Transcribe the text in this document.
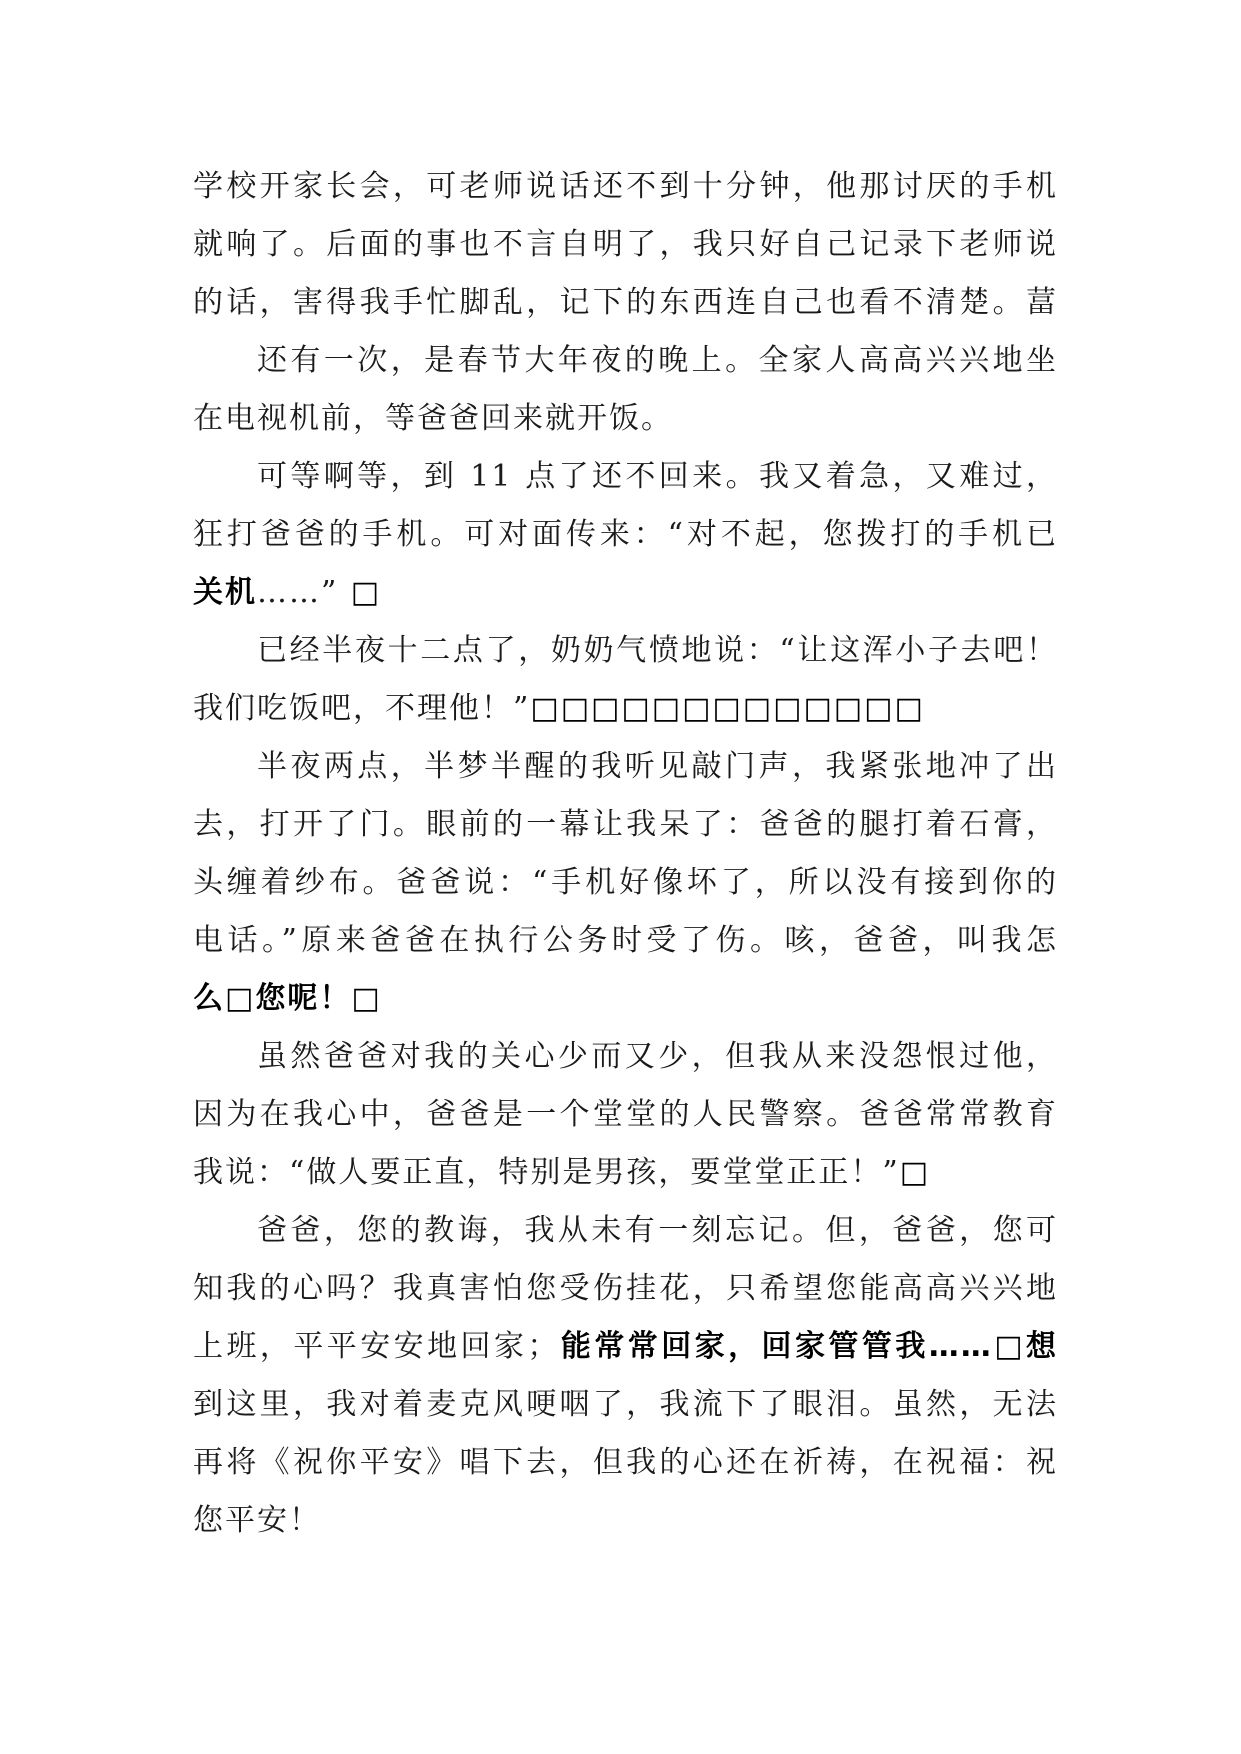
学校开家长会，可老师说话还不到十分钟，他那讨厌的手机
就响了。后面的事也不言自明了，我只好自己记录下老师说
的话，害得我手忙脚乱，记下的东西连自己也看不清楚。葍
还有一次，是春节大年夜的晚上。全家人高高兴兴地坐
在电视机前，等爸爸回来就开饭。
可等啊等，到 11 点了还不回来。我又着急，又难过，
狂打爸爸的手机。可对面传来：“对不起，您拨打的手机已
关机……” □
已经半夜十二点了，奶奶气愤地说：“让这浑小子去吧！
我们吃饭吧，不理他！”□□□□□□□□□□□□□
半夜两点，半梦半醒的我听见敲门声，我紧张地冲了出
去，打开了门。眼前的一幕让我呆了：爸爸的腿打着石膏，
头缠着纱布。爸爸说：“手机好像坏了，所以没有接到你的
电话。”原来爸爸在执行公务时受了伤。咳，爸爸，叫我怎
么□您呢！□
虽然爸爸对我的关心少而又少，但我从来没怨恨过他，
因为在我心中，爸爸是一个堂堂的人民警察。爸爸常常教育
我说：“做人要正直，特别是男孩，要堂堂正正！”□
爸爸，您的教诲，我从未有一刻忘记。但，爸爸，您可
知我的心吗？我真害怕您受伤挂花，只希望您能高高兴兴地
上班，平平安安地回家；能常常回家，回家管管我……□想
到这里，我对着麦克风哽咽了，我流下了眼泪。虽然，无法
再将《祝你平安》唱下去，但我的心还在祈祷，在祝福：祝
您平安！
